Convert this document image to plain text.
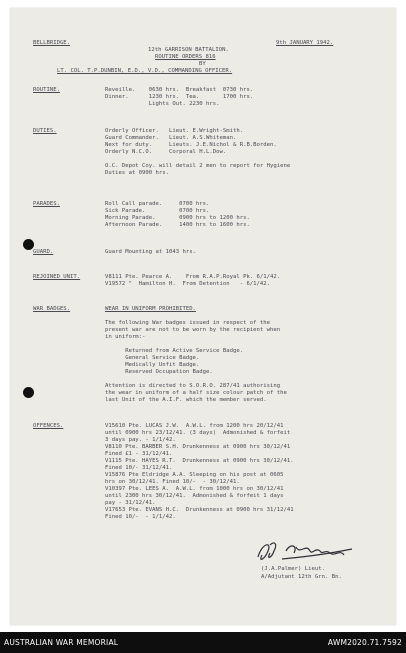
BELLBRIDGE.	9th JANUARY 1942.
12th GARRISON BATTALION.
ROUTINE ORDERS 816
BY
LT. COL. T.P.DUNBIN, E.D., V.D., COMMANDING OFFICER.
ROUTINE.	Reveille.    0630 hrs.  Breakfast  0730 hrs.
Dinner.      1230 hrs.  Tea.       1700 hrs.
Lights Out. 2230 hrs.
DUTIES.	Orderly Officer.   Lieut. E.Wright-Smith.
Guard Commander.   Lieut. A.S.Whiteman.
Next for duty.     Lieuts. J.E.Nichol & R.B.Borden.
Orderly N.C.O.     Corporal H.L.Dow.
O.C. Depot Coy. will detail 2 men to report for Hygiene
Duties at 0900 hrs.
PARADES.	Roll Call parade.     0700 hrs.
Sick Parade.          0700 hrs.
Morning Parade.       0900 hrs to 1200 hrs.
Afternoon Parade.     1400 hrs to 1600 hrs.
GUARD.	Guard Mounting at 1043 hrs.
REJOINED UNIT.	V8111 Pte. Pearce A.    From R.A.P.Royal Pk. 6/1/42.
V19572 "  Hamilton H.  From Detention   - 6/1/42.
WAR BADGES.	WEAR IN UNIFORM PROHIBITED.
The following War badges issued in respect of the
present war are not to be worn by the recipient when
in uniform:-
Returned from Active Service Badge.
General Service Badge.
Medically Unfit Badge.
Reserved Occupation Badge.
Attention is directed to S.O.R.O. 287/41 authorising
the wear in uniform of a half size colour patch of the
last Unit of the A.I.F. which the member served.
OFFENCES.	V15610 Pte. LUCAS J.W.  A.W.L. from 1200 hrs 20/12/41
until 0900 hrs 23/12/41. (3 days)  Admonished & forfeit
3 days pay. - 1/1/42.
V8110 Pte. BARBER S.H. Drunkenness at 0900 hrs 30/12/41
Fined £1 - 31/12/41.
V1115 Pte. HAYES R.T.  Drunkenness at 0900 hrs 30/12/41.
Fined 10/- 31/12/41.
V15876 Pte Eldridge A.A. Sleeping on his post at 0605
hrs on 30/12/41. Fined 10/-  - 30/12/41.
V10397 Pte. LEES A.  A.W.L. from 1000 hrs on 30/12/41
until 2300 hrs 30/12/41.  Admonished & forfeit 1 days
pay - 31/12/41.
V17653 Pte. EVANS H.C.  Drunkenness at 0900 hrs 31/12/41
Fined 10/-  - 1/1/42.
(J.A.Palmer) Lieut.
A/Adjutant 12th Grn. Bn.
AUSTRALIAN WAR MEMORIAL	AWM2020.71.7592
